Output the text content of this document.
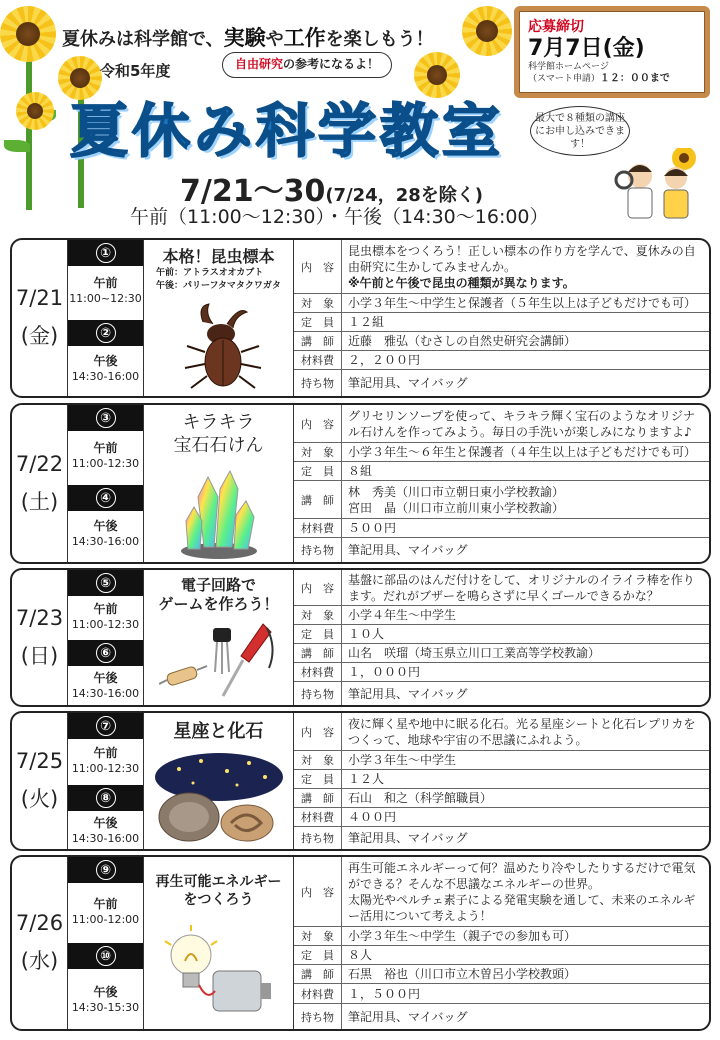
夏休みは科学館で、実験や工作を楽しもう！
令和5年度	自由研究の参考になるよ！
夏休み科学教室
応募締切
7月7日(金)
科学館ホームページ
（スマート申請）１２：００まで
最大で８種類の講座にお申し込みできます！
7/21～30(7/24，28を除く)
午前（11:00～12:30）・午後（14:30～16:00）
7/21
(金)
①
午前
11:00~12:30
②
午後
14:30-16:00
本格！昆虫標本
午前：アトラスオオカブト
午後：パリーフタマタクワガタ
内　容
昆虫標本をつくろう！正しい標本の作り方を学んで、夏休みの自由研究に生かしてみませんか。
※午前と午後で昆虫の種類が異なります。
対　象	小学３年生～中学生と保護者（５年生以上は子どもだけでも可）
定　員	１２組
講　師	近藤　雅弘（むさしの自然史研究会講師）
材料費	２，２００円
持ち物	筆記用具、マイバッグ
7/22
(土)
③
午前
11:00-12:30
④
午後
14:30-16:00
キラキラ
宝石石けん
内　容
グリセリンソープを使って、キラキラ輝く宝石のようなオリジナル石けんを作ってみよう。毎日の手洗いが楽しみになりますよ♪
対　象	小学３年生～６年生と保護者（４年生以上は子どもだけでも可）
定　員	８組
講　師
林　秀美（川口市立朝日東小学校教諭）
宮田　晶（川口市立前川東小学校教諭）
材料費	５００円
持ち物	筆記用具、マイバッグ
7/23
(日)
⑤
午前
11:00-12:30
⑥
午後
14:30-16:00
電子回路で
ゲームを作ろう！
内　容
基盤に部品のはんだ付けをして、オリジナルのイライラ棒を作ります。だれがブザーを鳴らさずに早くゴールできるかな？
対　象	小学４年生～中学生
定　員	１０人
講　師	山名　咲瑠（埼玉県立川口工業高等学校教諭）
材料費	１，０００円
持ち物	筆記用具、マイバッグ
7/25
(火)
⑦
午前
11:00-12:30
⑧
午後
14:30-16:00
星座と化石	内　容
夜に輝く星や地中に眠る化石。光る星座シートと化石レプリカをつくって、地球や宇宙の不思議にふれよう。
対　象	小学３年生～中学生
定　員	１２人
講　師	石山　和之（科学館職員）
材料費	４００円
持ち物	筆記用具、マイバッグ
7/26
(水)
⑨
午前
11:00-12:00
⑩
午後
14:30-15:30
再生可能エネルギー
をつくろう	内　容
再生可能エネルギーって何？温めたり冷やしたりするだけで電気ができる？そんな不思議なエネルギーの世界。
太陽光やペルチェ素子による発電実験を通して、未来のエネルギー活用について考えよう！
対　象	小学３年生～中学生（親子での参加も可）
定　員	８人
講　師	石黒　裕也（川口市立木曽呂小学校教頭）
材料費	１，５００円
持ち物	筆記用具、マイバッグ
